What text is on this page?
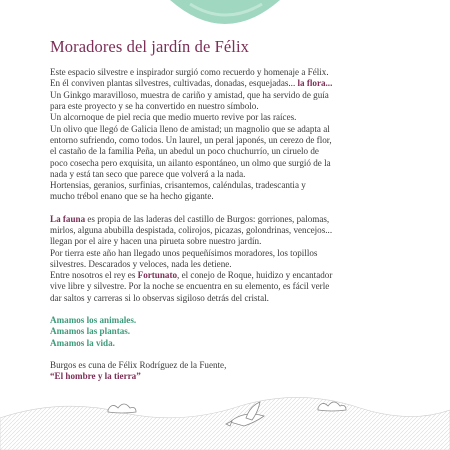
Moradores del jardín de Félix

Este espacio silvestre e inspirador surgió como recuerdo y homenaje a Félix.

En él conviven plantas silvestres, cultivadas, donadas, esquejadas... la flora...

Un Ginkgo maravilloso, muestra de cariño y amistad, que ha servido de guía

para este proyecto y se ha convertido en nuestro símbolo.

Un alcornoque de piel recia que medio muerto revive por las raíces.

Un olivo que llegó de Galicia lleno de amistad; un magnolio que se adapta al

entorno sufriendo, como todos. Un laurel, un peral japonés, un cerezo de flor,

el castaño de la familia Peña, un abedul un poco chuchurrío, un ciruelo de

poco cosecha pero exquisita, un ailanto espontáneo, un olmo que surgió de la

nada y está tan seco que parece que volverá a la nada.

Hortensias, geranios, surfinias, crisantemos, caléndulas, tradescantia y

mucho trébol enano que se ha hecho gigante.

La fauna es propia de las laderas del castillo de Burgos: gorriones, palomas,

mirlos, alguna abubilla despistada, colirojos, picazas, golondrinas, vencejos...

llegan por el aire y hacen una pirueta sobre nuestro jardín.

Por tierra este año han llegado unos pequeñísimos moradores, los topillos

silvestres. Descarados y veloces, nada les detiene.

Entre nosotros el rey es Fortunato, el conejo de Roque, huidizo y encantador

vive libre y silvestre. Por la noche se encuentra en su elemento, es fácil verle

dar saltos y carreras si lo observas sigiloso detrás del cristal.

Amamos los animales.

Amamos las plantas.

Amamos la vida.

Burgos es cuna de Félix Rodríguez de la Fuente,

“El hombre y la tierra”
